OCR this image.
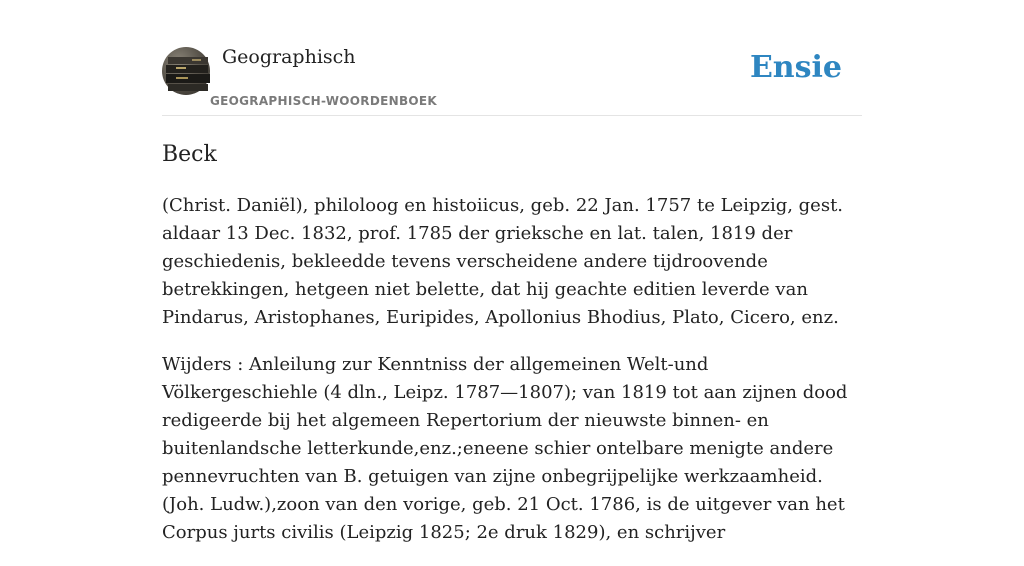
Geographisch
GEOGRAPHISCH-WOORDENBOEK
Ensie
Beck

(Christ. Daniël), philoloog en histoiicus, geb. 22 Jan. 1757 te Leipzig, gest. aldaar 13 Dec. 1832, prof. 1785 der grieksche en lat. talen, 1819 der geschiedenis, bekleedde tevens verscheidene andere tijdroovende betrekkingen, hetgeen niet belette, dat hij geachte editien leverde van Pindarus, Aristophanes, Euripides, Apollonius Bhodius, Plato, Cicero, enz.

Wijders : Anleilung zur Kenntniss der allgemeinen Welt-und Völkergeschiehle (4 dln., Leipz. 1787—1807); van 1819 tot aan zijnen dood redigeerde bij het algemeen Repertorium der nieuwste binnen- en buitenlandsche letterkunde,enz.;eneene schier ontelbare menigte andere pennevruchten van B. getuigen van zijne onbegrijpelijke werkzaamheid.(Joh. Ludw.),zoon van den vorige, geb. 21 Oct. 1786, is de uitgever van het Corpus jurts civilis (Leipzig 1825; 2e druk 1829), en schrijver
